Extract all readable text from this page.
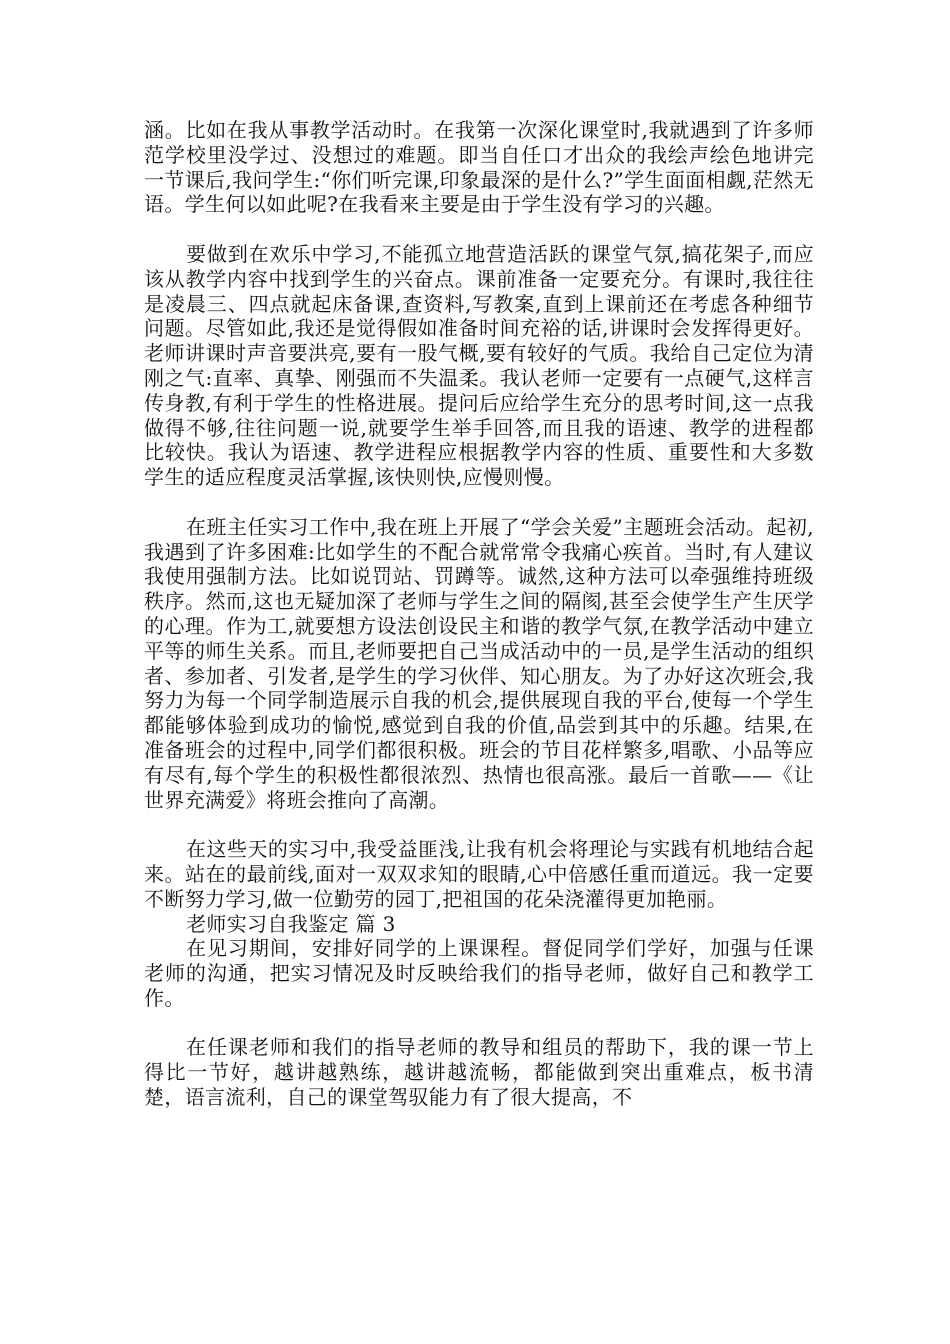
涵。比如在我从事教学活动时。在我第一次深化课堂时,我就遇到了许多师范学校里没学过、没想过的难题。即当自任口才出众的我绘声绘色地讲完一节课后,我问学生:“你们听完课,印象最深的是什么?”学生面面相觑,茫然无语。学生何以如此呢?在我看来主要是由于学生没有学习的兴趣。

要做到在欢乐中学习,不能孤立地营造活跃的课堂气氛,搞花架子,而应该从教学内容中找到学生的兴奋点。课前准备一定要充分。有课时,我往往是凌晨三、四点就起床备课,查资料,写教案,直到上课前还在考虑各种细节问题。尽管如此,我还是觉得假如准备时间充裕的话,讲课时会发挥得更好。老师讲课时声音要洪亮,要有一股气概,要有较好的气质。我给自己定位为清刚之气:直率、真挚、刚强而不失温柔。我认老师一定要有一点硬气,这样言传身教,有利于学生的性格进展。提问后应给学生充分的思考时间,这一点我做得不够,往往问题一说,就要学生举手回答,而且我的语速、教学的进程都比较快。我认为语速、教学进程应根据教学内容的性质、重要性和大多数学生的适应程度灵活掌握,该快则快,应慢则慢。

在班主任实习工作中,我在班上开展了“学会关爱”主题班会活动。起初,我遇到了许多困难:比如学生的不配合就常常令我痛心疾首。当时,有人建议我使用强制方法。比如说罚站、罚蹲等。诚然,这种方法可以牵强维持班级秩序。然而,这也无疑加深了老师与学生之间的隔阂,甚至会使学生产生厌学的心理。作为工,就要想方设法创设民主和谐的教学气氛,在教学活动中建立平等的师生关系。而且,老师要把自己当成活动中的一员,是学生活动的组织者、参加者、引发者,是学生的学习伙伴、知心朋友。为了办好这次班会,我努力为每一个同学制造展示自我的机会,提供展现自我的平台,使每一个学生都能够体验到成功的愉悦,感觉到自我的价值,品尝到其中的乐趣。结果,在准备班会的过程中,同学们都很积极。班会的节目花样繁多,唱歌、小品等应有尽有,每个学生的积极性都很浓烈、热情也很高涨。最后一首歌——《让世界充满爱》将班会推向了高潮。

在这些天的实习中,我受益匪浅,让我有机会将理论与实践有机地结合起来。站在的最前线,面对一双双求知的眼睛,心中倍感任重而道远。我一定要不断努力学习,做一位勤劳的园丁,把祖国的花朵浇灌得更加艳丽。

老师实习自我鉴定 篇 3

在见习期间，安排好同学的上课课程。督促同学们学好，加强与任课老师的沟通，把实习情况及时反映给我们的指导老师，做好自己和教学工作。

在任课老师和我们的指导老师的教导和组员的帮助下，我的课一节上得比一节好，越讲越熟练，越讲越流畅，都能做到突出重难点，板书清楚，语言流利，自己的课堂驾驭能力有了很大提高，不
